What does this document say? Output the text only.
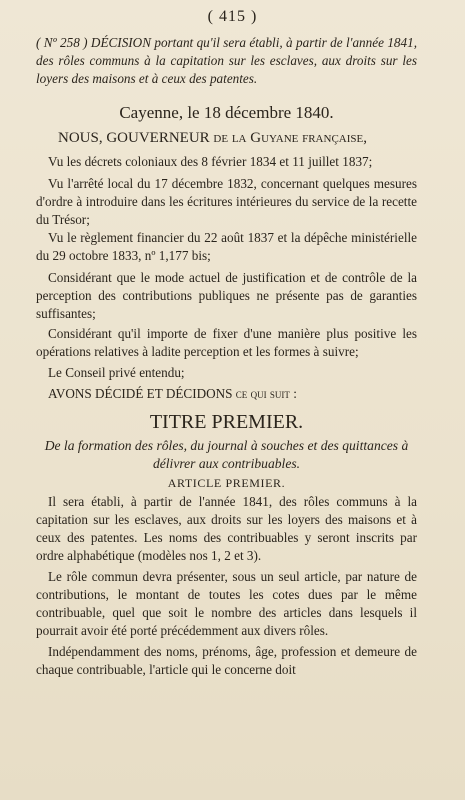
( 415 )

( Nº 258 ) DÉCISION portant qu'il sera établi, à partir de l'année 1841, des rôles communs à la capitation sur les esclaves, aux droits sur les loyers des maisons et à ceux des patentes.

Cayenne, le 18 décembre 1840.

NOUS, GOUVERNEUR de la Guyane française,

Vu les décrets coloniaux des 8 février 1834 et 11 juillet 1837;

Vu l'arrêté local du 17 décembre 1832, concernant quelques mesures d'ordre à introduire dans les écritures intérieures du service de la recette du Trésor;

Vu le règlement financier du 22 août 1837 et la dépêche ministérielle du 29 octobre 1833, nº 1,177 bis;

Considérant que le mode actuel de justification et de contrôle de la perception des contributions publiques ne présente pas de garanties suffisantes;

Considérant qu'il importe de fixer d'une manière plus positive les opérations relatives à ladite perception et les formes à suivre;

Le Conseil privé entendu;

AVONS DÉCIDÉ ET DÉCIDONS ce qui suit :

TITRE PREMIER.

De la formation des rôles, du journal à souches et des quittances à délivrer aux contribuables.

ARTICLE PREMIER.

Il sera établi, à partir de l'année 1841, des rôles communs à la capitation sur les esclaves, aux droits sur les loyers des maisons et à ceux des patentes. Les noms des contribuables y seront inscrits par ordre alphabétique (modèles nos 1, 2 et 3).

Le rôle commun devra présenter, sous un seul article, par nature de contributions, le montant de toutes les cotes dues par le même contribuable, quel que soit le nombre des articles dans lesquels il pourrait avoir été porté précédemment aux divers rôles.

Indépendamment des noms, prénoms, âge, profession et demeure de chaque contribuable, l'article qui le concerne doit
